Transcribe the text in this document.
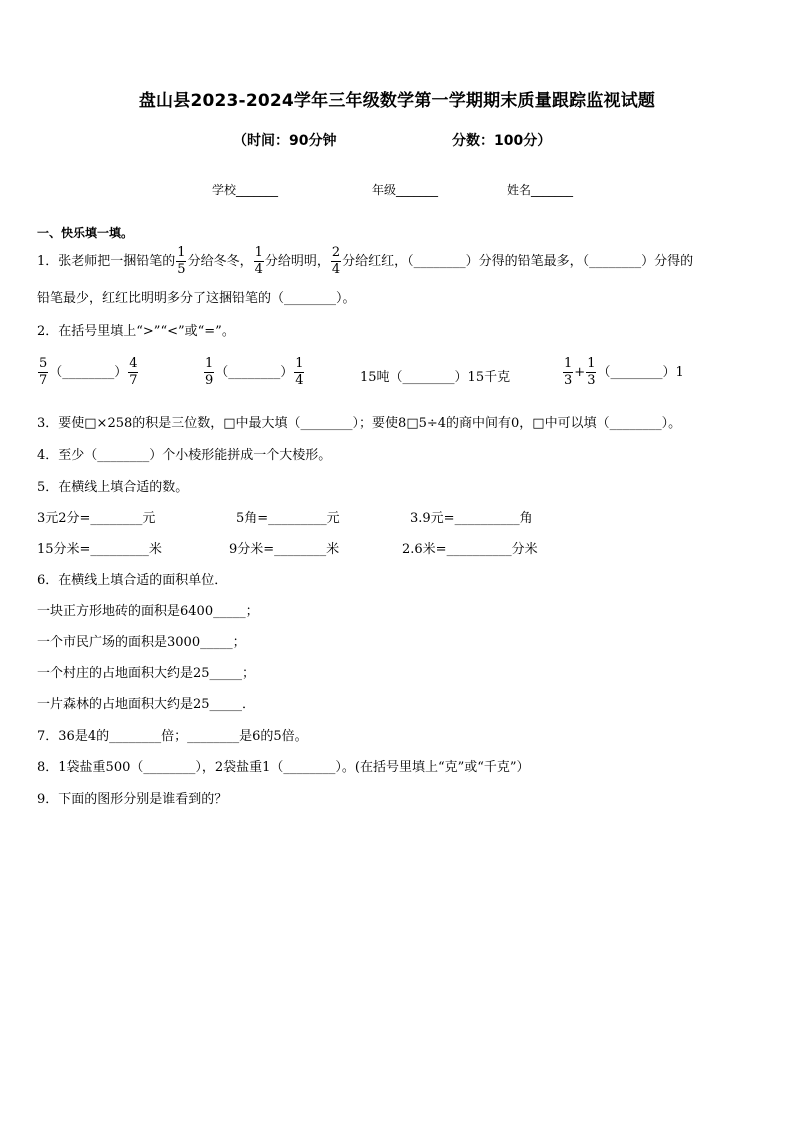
盘山县2023-2024学年三年级数学第一学期期末质量跟踪监视试题
（时间：90分钟	分数：100分）
学校_______	年级_______	姓名_______
一、快乐填一填。
1．张老师把一捆铅笔的 $\frac{1}{5}$ 分给冬冬， $\frac{1}{4}$ 分给明明， $\frac{2}{4}$ 分给红红，（________）分得的铅笔最多，（________）分得的
铅笔最少，红红比明明多分了这捆铅笔的（________）。
2．在括号里填上“>”“<”或“=”。
$\frac{5}{7}$ （________） $\frac{4}{7}$	$\frac{1}{9}$ （________） $\frac{1}{4}$	15吨（________）15千克	$\frac{1}{3} + \frac{1}{3}$ （________）1
3．要使□×258的积是三位数，□中最大填（________）；要使8□5÷4的商中间有0，□中可以填（________）。
4．至少（________）个小棱形能拼成一个大棱形。
5．在横线上填合适的数。
3元2分=________元	5角=_________元	3.9元=__________角
15分米=_________米	9分米=________米	2.6米=__________分米
6．在横线上填合适的面积单位．
一块正方形地砖的面积是6400_____；
一个市民广场的面积是3000_____；
一个村庄的占地面积大约是25_____；
一片森林的占地面积大约是25_____．
7．36是4的________倍；________是6的5倍。
8．1袋盐重500（________），2袋盐重1（________）。(在括号里填上“克”或“千克”）
9．下面的图形分别是谁看到的？
